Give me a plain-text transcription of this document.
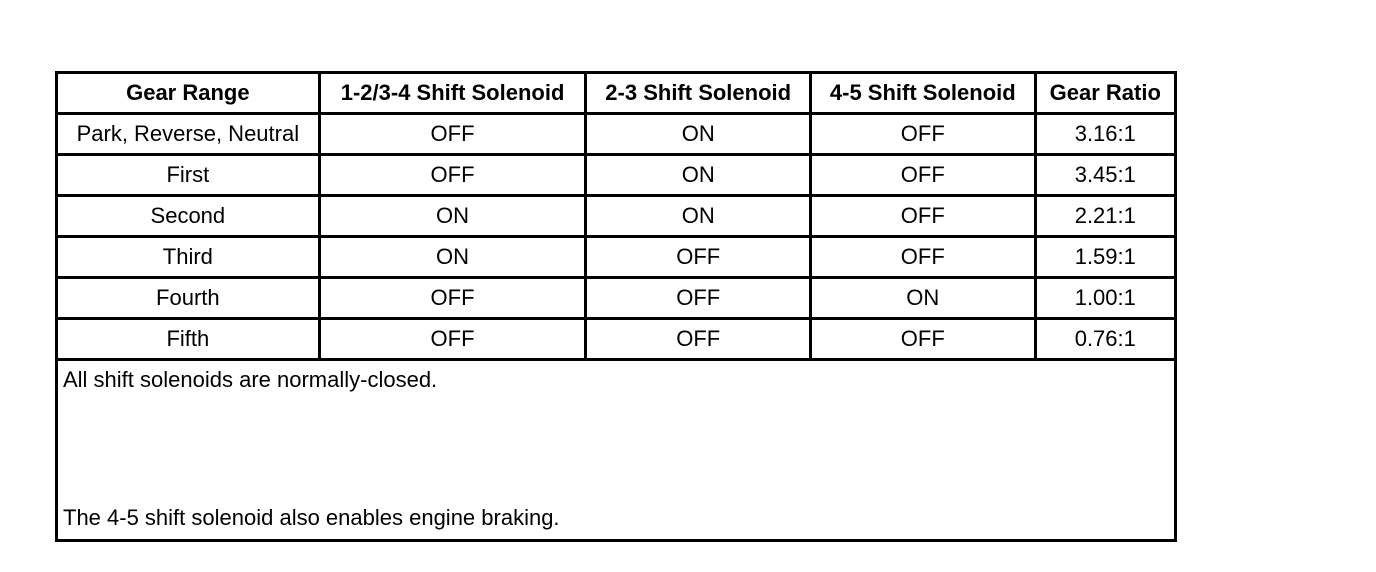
Gear Range	1-2/3-4 Shift Solenoid	2-3 Shift Solenoid	4-5 Shift Solenoid	Gear Ratio
Park, Reverse, Neutral	OFF	ON	OFF	3.16:1
First	OFF	ON	OFF	3.45:1
Second	ON	ON	OFF	2.21:1
Third	ON	OFF	OFF	1.59:1
Fourth	OFF	OFF	ON	1.00:1
Fifth	OFF	OFF	OFF	0.76:1
All shift solenoids are normally-closed.
The 4-5 shift solenoid also enables engine braking.
